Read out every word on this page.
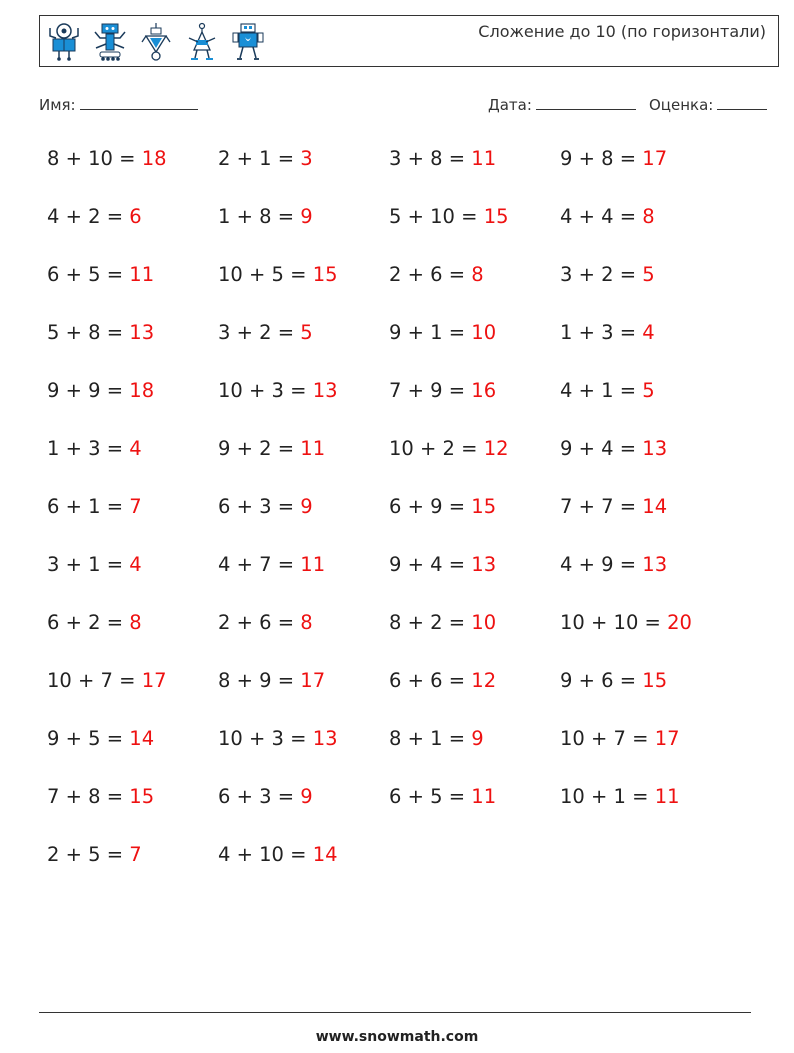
Сложение до 10 (по горизонтали)
Имя:	Дата:	Оценка:
8 + 10 = 18	2 + 1 = 3	3 + 8 = 11	9 + 8 = 17
4 + 2 = 6	1 + 8 = 9	5 + 10 = 15	4 + 4 = 8
6 + 5 = 11	10 + 5 = 15	2 + 6 = 8	3 + 2 = 5
5 + 8 = 13	3 + 2 = 5	9 + 1 = 10	1 + 3 = 4
9 + 9 = 18	10 + 3 = 13	7 + 9 = 16	4 + 1 = 5
1 + 3 = 4	9 + 2 = 11	10 + 2 = 12	9 + 4 = 13
6 + 1 = 7	6 + 3 = 9	6 + 9 = 15	7 + 7 = 14
3 + 1 = 4	4 + 7 = 11	9 + 4 = 13	4 + 9 = 13
6 + 2 = 8	2 + 6 = 8	8 + 2 = 10	10 + 10 = 20
10 + 7 = 17	8 + 9 = 17	6 + 6 = 12	9 + 6 = 15
9 + 5 = 14	10 + 3 = 13	8 + 1 = 9	10 + 7 = 17
7 + 8 = 15	6 + 3 = 9	6 + 5 = 11	10 + 1 = 11
2 + 5 = 7	4 + 10 = 14
www.snowmath.com
